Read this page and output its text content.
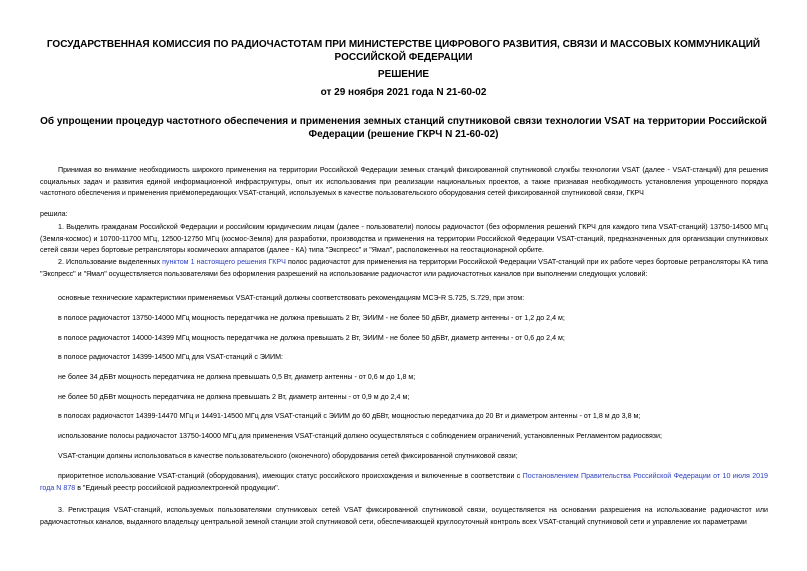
ГОСУДАРСТВЕННАЯ КОМИССИЯ ПО РАДИОЧАСТОТАМ ПРИ МИНИСТЕРСТВЕ ЦИФРОВОГО РАЗВИТИЯ, СВЯЗИ И МАССОВЫХ КОММУНИКАЦИЙ РОССИЙСКОЙ ФЕДЕРАЦИИ
РЕШЕНИЕ
от 29 ноября 2021 года N 21-60-02
Об упрощении процедур частотного обеспечения и применения земных станций спутниковой связи технологии VSAT на территории Российской Федерации (решение ГКРЧ N 21-60-02)
Принимая во внимание необходимость широкого применения на территории Российской Федерации земных станций фиксированной спутниковой службы технологии VSAT (далее - VSAT-станций) для решения социальных задач и развития единой информационной инфраструктуры, опыт их использования при реализации национальных проектов, а также признавая необходимость установления упрощенного порядка частотного обеспечения и применения приёмопередающих VSAT-станций, используемых в качестве пользовательского оборудования сетей фиксированной спутниковой связи, ГКРЧ
решила:
1. Выделить гражданам Российской Федерации и российским юридическим лицам (далее - пользователи) полосы радиочастот (без оформления решений ГКРЧ для каждого типа VSAT-станций) 13750-14500 МГц (Земля-космос) и 10700-11700 МГц, 12500-12750 МГц (космос-Земля) для разработки, производства и применения на территории Российской Федерации VSAT-станций, предназначенных для организации спутниковых сетей связи через бортовые ретрансляторы космических аппаратов (далее - КА) типа "Экспресс" и "Ямал", расположенных на геостационарной орбите.
2. Использование выделенных пунктом 1 настоящего решения ГКРЧ полос радиочастот для применения на территории Российской Федерации VSAT-станций при их работе через бортовые ретрансляторы КА типа "Экспресс" и "Ямал" осуществляется пользователями без оформления разрешений на использование радиочастот или радиочастотных каналов при выполнении следующих условий:
основные технические характеристики применяемых VSAT-станций должны соответствовать рекомендациям МСЭ-R S.725, S.729, при этом:
в полосе радиочастот 13750-14000 МГц мощность передатчика не должна превышать 2 Вт, ЭИИМ - не более 50 дБВт, диаметр антенны - от 1,2 до 2,4 м;
в полосе радиочастот 14000-14399 МГц мощность передатчика не должна превышать 2 Вт, ЭИИМ - не более 50 дБВт, диаметр антенны - от 0,6 до 2,4 м;
в полосе радиочастот 14399-14500 МГц для VSAT-станций с ЭИИМ:
не более 34 дБВт мощность передатчика не должна превышать 0,5 Вт, диаметр антенны - от 0,6 м до 1,8 м;
не более 50 дБВт мощность передатчика не должна превышать 2 Вт, диаметр антенны - от 0,9 м до 2,4 м;
в полосах радиочастот 14399-14470 МГц и 14491-14500 МГц для VSAT-станций с ЭИИМ до 60 дБВт, мощностью передатчика до 20 Вт и диаметром антенны - от 1,8 м до 3,8 м;
использование полосы радиочастот 13750-14000 МГц для применения VSAT-станций должно осуществляться с соблюдением ограничений, установленных Регламентом радиосвязи;
VSAT-станции должны использоваться в качестве пользовательского (оконечного) оборудования сетей фиксированной спутниковой связи;
приоритетное использование VSAT-станций (оборудования), имеющих статус российского происхождения и включенные в соответствии с Постановлением Правительства Российской Федерации от 10 июля 2019 года N 878 в "Единый реестр российской радиоэлектронной продукции".
3. Регистрация VSAT-станций, используемых пользователями спутниковых сетей VSAT фиксированной спутниковой связи, осуществляется на основании разрешения на использование радиочастот или радиочастотных каналов, выданного владельцу центральной земной станции этой спутниковой сети, обеспечивающей круглосуточный контроль всех VSAT-станций спутниковой сети и управление их параметрами
